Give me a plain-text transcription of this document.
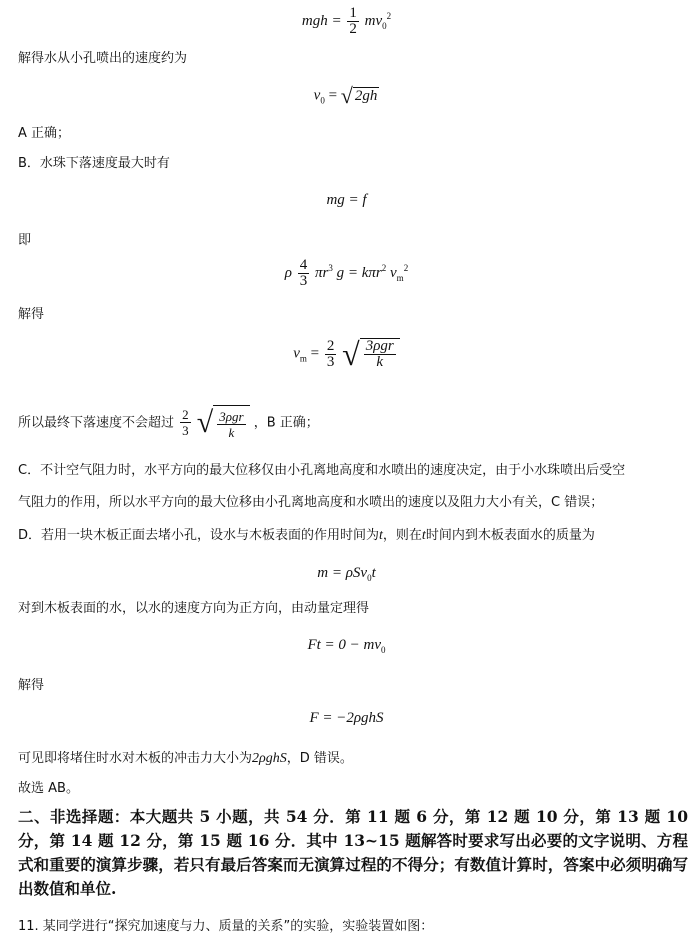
mgh = $\frac{1}{2} mv_0^2$
解得水从小孔喷出的速度约为
$v_0$ = √ 2gh
A 正确；
B．水珠下落速度最大时有
mg = f
即
ρ $\frac{4}{3} \pi r^3$ g = kπr$^2$ $v_m^2$
解得
$v_m = \frac{2}{3}$ √ $\frac{\text{3ρgr}}{k}$
所以最终下落速度不会超过 $\frac{2}{3}$ √ $\frac{\text{3ρgr}}{k}$ ，B 正确；
C．不计空气阻力时，水平方向的最大位移仅由小孔离地高度和水喷出的速度决定，由于小水珠喷出后受空
气阻力的作用，所以水平方向的最大位移由小孔离地高度和水喷出的速度以及阻力大小有关，C 错误；
D．若用一块木板正面去堵小孔，设水与木板表面的作用时间为t，则在t时间内到木板表面水的质量为
m = ρSv$_0$t
对到木板表面的水，以水的速度方向为正方向，由动量定理得
$Ft = 0 - mv_0$
解得
F = −2ρghS
可见即将堵住时水对木板的冲击力大小为2ρghS，D 错误。
故选 AB。
二、非选择题：本大题共 5 小题，共 54 分．第 11 题 6 分，第 12 题 10 分，第 13 题 10 分，第 14 题 12 分，第 15 题 16 分．其中 13~15 题解答时要求写出必要的文字说明、方程式和重要的演算步骤，若只有最后答案而无演算过程的不得分；有数值计算时，答案中必须明确写出数值和单位.
11. 某同学进行“探究加速度与力、质量的关系”的实验，实验装置如图：
